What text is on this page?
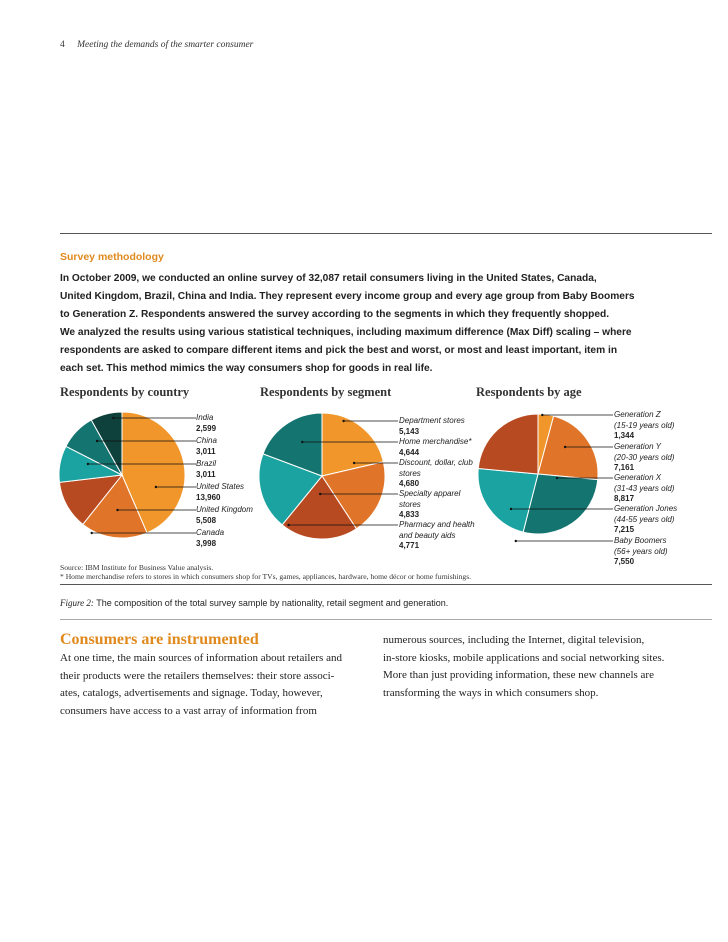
4 Meeting the demands of the smarter consumer
Survey methodology
In October 2009, we conducted an online survey of 32,087 retail consumers living in the United States, Canada,
United Kingdom, Brazil, China and India. They represent every income group and every age group from Baby Boomers
to Generation Z. Respondents answered the survey according to the segments in which they frequently shopped.
We analyzed the results using various statistical techniques, including maximum difference (Max Diff) scaling – where
respondents are asked to compare different items and pick the best and worst, or most and least important, item in
each set. This method mimics the way consumers shop for goods in real life.
Respondents by country	Respondents by segment	Respondents by age
India
2,599
China
3,011
Brazil
3,011
United States
13,960
United Kingdom
5,508
Canada
3,998
Department stores
5,143
Home merchandise*
4,644
Discount, dollar, club stores
4,680
Specialty apparel stores
4,833
Pharmacy and health and beauty aids
4,771
Generation Z
(15-19 years old)
1,344
Generation Y
(20-30 years old)
7,161
Generation X
(31-43 years old)
8,817
Generation Jones
(44-55 years old)
7,215
Baby Boomers
(56+ years old)
7,550
Source: IBM Institute for Business Value analysis.
* Home merchandise refers to stores in which consumers shop for TVs, games, appliances, hardware, home décor or home furnishings.
Figure 2: The composition of the total survey sample by nationality, retail segment and generation.
Consumers are instrumented
At one time, the main sources of information about retailers and
their products were the retailers themselves: their store associ-
ates, catalogs, advertisements and signage. Today, however,
consumers have access to a vast array of information from
numerous sources, including the Internet, digital television,
in-store kiosks, mobile applications and social networking sites.
More than just providing information, these new channels are
transforming the ways in which consumers shop.
